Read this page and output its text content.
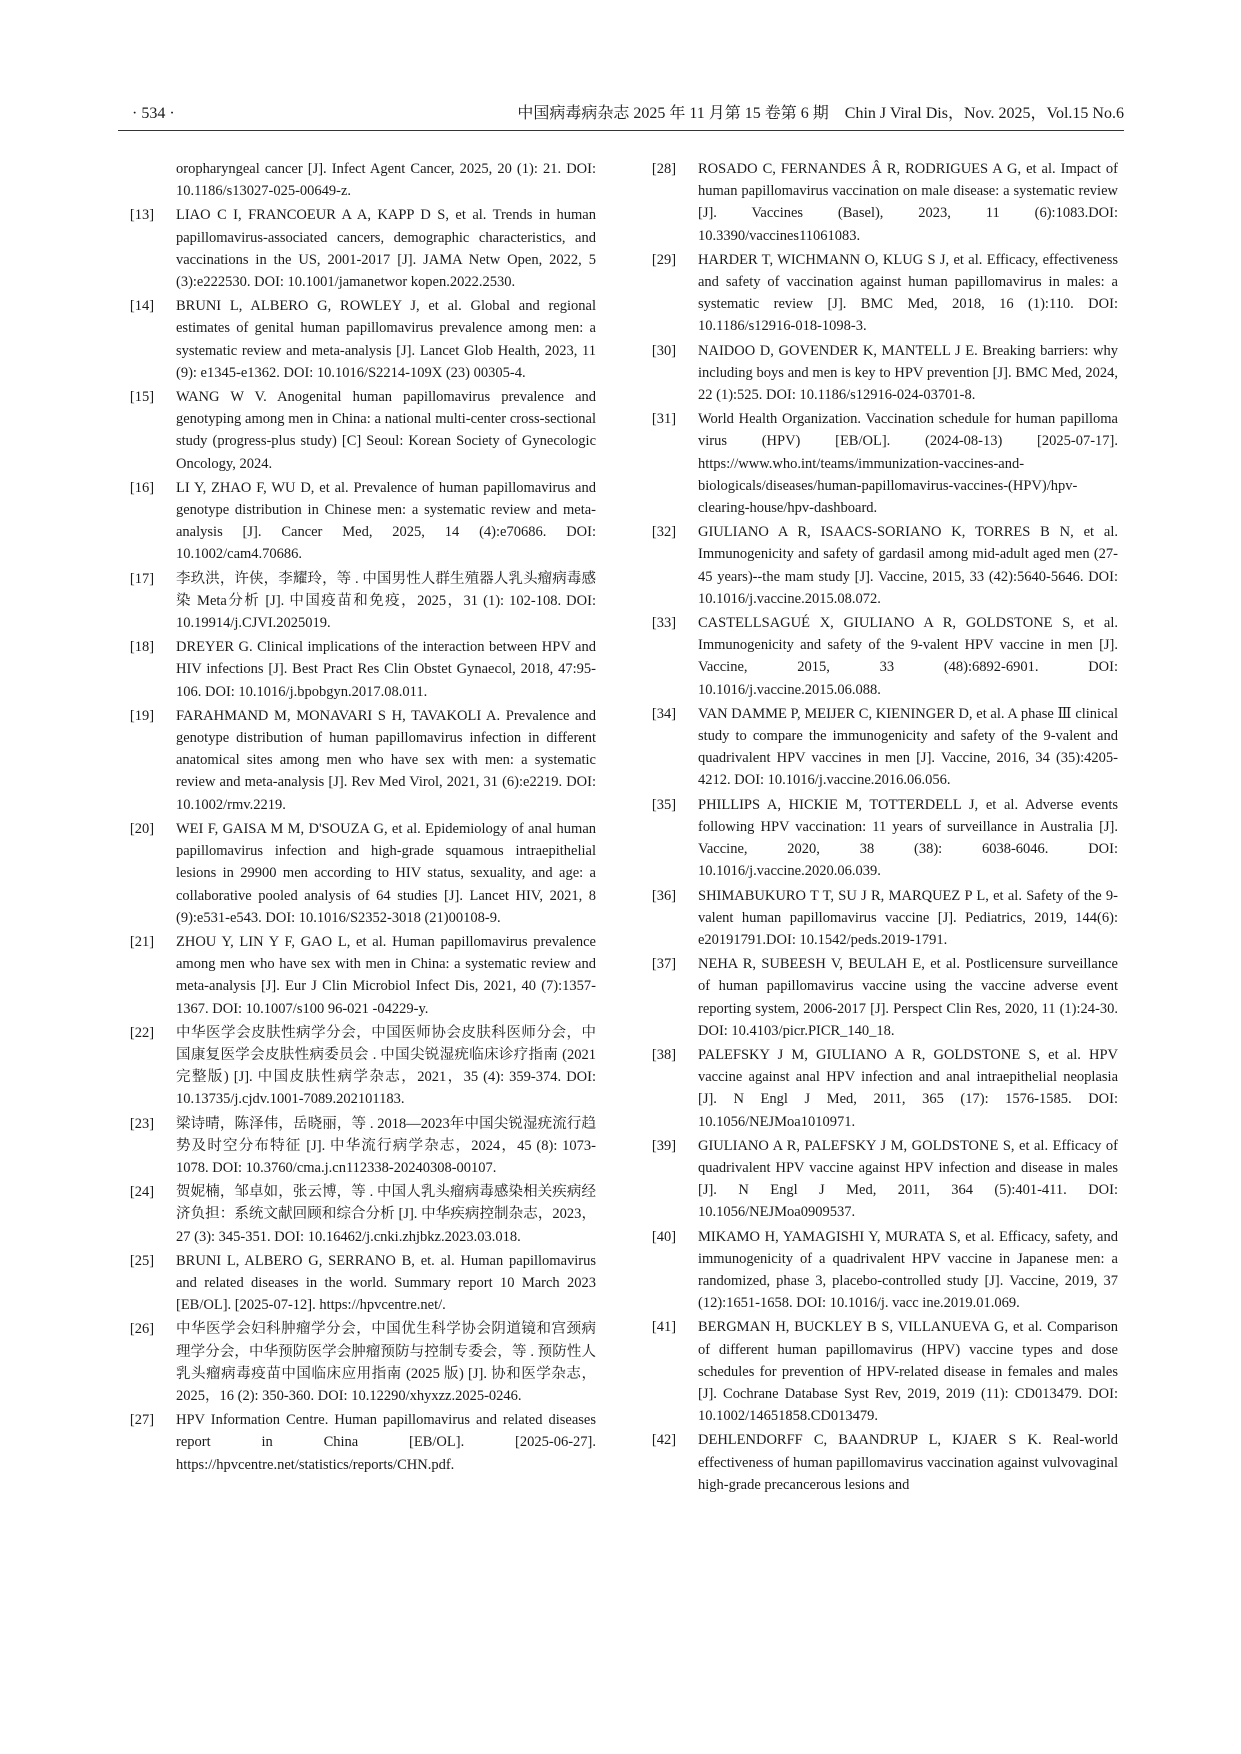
· 534 ·	中国病毒病杂志 2025 年 11 月第 15 卷第 6 期　Chin J Viral Dis，Nov. 2025，Vol.15 No.6
oropharyngeal cancer [J]. Infect Agent Cancer, 2025, 20 (1): 21. DOI: 10.1186/s13027-025-00649-z.
[13]	LIAO C I, FRANCOEUR A A, KAPP D S, et al. Trends in human papillomavirus-associated cancers, demographic characteristics, and vaccinations in the US, 2001-2017 [J]. JAMA Netw Open, 2022, 5 (3):e222530. DOI: 10.1001/jamanetwor kopen.2022.2530.
[14]	BRUNI L, ALBERO G, ROWLEY J, et al. Global and regional estimates of genital human papillomavirus prevalence among men: a systematic review and meta-analysis [J]. Lancet Glob Health, 2023, 11 (9): e1345-e1362. DOI: 10.1016/S2214-109X (23) 00305-4.
[15]	WANG W V. Anogenital human papillomavirus prevalence and genotyping among men in China: a national multi-center cross-sectional study (progress-plus study) [C] Seoul: Korean Society of Gynecologic Oncology, 2024.
[16]	LI Y, ZHAO F, WU D, et al. Prevalence of human papillomavirus and genotype distribution in Chinese men: a systematic review and meta-analysis [J]. Cancer Med, 2025, 14 (4):e70686. DOI: 10.1002/cam4.70686.
[17]	李玖洪，许侠，李耀玲，等 . 中国男性人群生殖器人乳头瘤病毒感染 Meta分析 [J]. 中国疫苗和免疫，2025，31 (1): 102-108. DOI: 10.19914/j.CJVI.2025019.
[18]	DREYER G. Clinical implications of the interaction between HPV and HIV infections [J]. Best Pract Res Clin Obstet Gynaecol, 2018, 47:95-106. DOI: 10.1016/j.bpobgyn.2017.08.011.
[19]	FARAHMAND M, MONAVARI S H, TAVAKOLI A. Prevalence and genotype distribution of human papillomavirus infection in different anatomical sites among men who have sex with men: a systematic review and meta-analysis [J]. Rev Med Virol, 2021, 31 (6):e2219. DOI: 10.1002/rmv.2219.
[20]	WEI F, GAISA M M, D'SOUZA G, et al. Epidemiology of anal human papillomavirus infection and high-grade squamous intraepithelial lesions in 29900 men according to HIV status, sexuality, and age: a collaborative pooled analysis of 64 studies [J]. Lancet HIV, 2021, 8 (9):e531-e543. DOI: 10.1016/S2352-3018 (21)00108-9.
[21]	ZHOU Y, LIN Y F, GAO L, et al. Human papillomavirus prevalence among men who have sex with men in China: a systematic review and meta-analysis [J]. Eur J Clin Microbiol Infect Dis, 2021, 40 (7):1357-1367. DOI: 10.1007/s100 96-021 -04229-y.
[22]	中华医学会皮肤性病学分会，中国医师协会皮肤科医师分会，中国康复医学会皮肤性病委员会 . 中国尖锐湿疣临床诊疗指南 (2021完整版) [J]. 中国皮肤性病学杂志，2021，35 (4): 359-374. DOI: 10.13735/j.cjdv.1001-7089.202101183.
[23]	梁诗晴，陈泽伟，岳晓丽，等 . 2018—2023年中国尖锐湿疣流行趋势及时空分布特征 [J]. 中华流行病学杂志，2024，45 (8): 1073-1078. DOI: 10.3760/cma.j.cn112338-20240308-00107.
[24]	贺妮楠，邹卓如，张云博，等 . 中国人乳头瘤病毒感染相关疾病经济负担：系统文献回顾和综合分析 [J]. 中华疾病控制杂志，2023，27 (3): 345-351. DOI: 10.16462/j.cnki.zhjbkz.2023.03.018.
[25]	BRUNI L, ALBERO G, SERRANO B, et. al. Human papillomavirus and related diseases in the world. Summary report 10 March 2023 [EB/OL]. [2025-07-12]. https://hpvcentre.net/.
[26]	中华医学会妇科肿瘤学分会，中国优生科学协会阴道镜和宫颈病理学分会，中华预防医学会肿瘤预防与控制专委会，等 . 预防性人乳头瘤病毒疫苗中国临床应用指南 (2025 版) [J]. 协和医学杂志，2025，16 (2): 350-360. DOI: 10.12290/xhyxzz.2025-0246.
[27]	HPV Information Centre. Human papillomavirus and related diseases report in China [EB/OL]. [2025-06-27]. https://hpvcentre.net/statistics/reports/CHN.pdf.
[28]	ROSADO C, FERNANDES Â R, RODRIGUES A G, et al. Impact of human papillomavirus vaccination on male disease: a systematic review [J]. Vaccines (Basel), 2023, 11 (6):1083.DOI: 10.3390/vaccines11061083.
[29]	HARDER T, WICHMANN O, KLUG S J, et al. Efficacy, effectiveness and safety of vaccination against human papillomavirus in males: a systematic review [J]. BMC Med, 2018, 16 (1):110. DOI: 10.1186/s12916-018-1098-3.
[30]	NAIDOO D, GOVENDER K, MANTELL J E. Breaking barriers: why including boys and men is key to HPV prevention [J]. BMC Med, 2024, 22 (1):525. DOI: 10.1186/s12916-024-03701-8.
[31]	World Health Organization. Vaccination schedule for human papilloma virus (HPV) [EB/OL]. (2024-08-13) [2025-07-17]. https://www.who.int/teams/immunization-vaccines-and-biologicals/diseases/human-papillomavirus-vaccines-(HPV)/hpv-clearing-house/hpv-dashboard.
[32]	GIULIANO A R, ISAACS-SORIANO K, TORRES B N, et al. Immunogenicity and safety of gardasil among mid-adult aged men (27-45 years)--the mam study [J]. Vaccine, 2015, 33 (42):5640-5646. DOI: 10.1016/j.vaccine.2015.08.072.
[33]	CASTELLSAGUÉ X, GIULIANO A R, GOLDSTONE S, et al. Immunogenicity and safety of the 9-valent HPV vaccine in men [J]. Vaccine, 2015, 33 (48):6892-6901. DOI: 10.1016/j.vaccine.2015.06.088.
[34]	VAN DAMME P, MEIJER C, KIENINGER D, et al. A phase Ⅲ clinical study to compare the immunogenicity and safety of the 9-valent and quadrivalent HPV vaccines in men [J]. Vaccine, 2016, 34 (35):4205-4212. DOI: 10.1016/j.vaccine.2016.06.056.
[35]	PHILLIPS A, HICKIE M, TOTTERDELL J, et al. Adverse events following HPV vaccination: 11 years of surveillance in Australia [J]. Vaccine, 2020, 38 (38): 6038-6046. DOI: 10.1016/j.vaccine.2020.06.039.
[36]	SHIMABUKURO T T, SU J R, MARQUEZ P L, et al. Safety of the 9-valent human papillomavirus vaccine [J]. Pediatrics, 2019, 144(6): e20191791.DOI: 10.1542/peds.2019-1791.
[37]	NEHA R, SUBEESH V, BEULAH E, et al. Postlicensure surveillance of human papillomavirus vaccine using the vaccine adverse event reporting system, 2006-2017 [J]. Perspect Clin Res, 2020, 11 (1):24-30. DOI: 10.4103/picr.PICR_140_18.
[38]	PALEFSKY J M, GIULIANO A R, GOLDSTONE S, et al. HPV vaccine against anal HPV infection and anal intraepithelial neoplasia [J]. N Engl J Med, 2011, 365 (17): 1576-1585. DOI: 10.1056/NEJMoa1010971.
[39]	GIULIANO A R, PALEFSKY J M, GOLDSTONE S, et al. Efficacy of quadrivalent HPV vaccine against HPV infection and disease in males [J]. N Engl J Med, 2011, 364 (5):401-411. DOI: 10.1056/NEJMoa0909537.
[40]	MIKAMO H, YAMAGISHI Y, MURATA S, et al. Efficacy, safety, and immunogenicity of a quadrivalent HPV vaccine in Japanese men: a randomized, phase 3, placebo-controlled study [J]. Vaccine, 2019, 37 (12):1651-1658. DOI: 10.1016/j. vacc ine.2019.01.069.
[41]	BERGMAN H, BUCKLEY B S, VILLANUEVA G, et al. Comparison of different human papillomavirus (HPV) vaccine types and dose schedules for prevention of HPV-related disease in females and males [J]. Cochrane Database Syst Rev, 2019, 2019 (11): CD013479. DOI: 10.1002/14651858.CD013479.
[42]	DEHLENDORFF C, BAANDRUP L, KJAER S K. Real-world effectiveness of human papillomavirus vaccination against vulvovaginal high-grade precancerous lesions and
